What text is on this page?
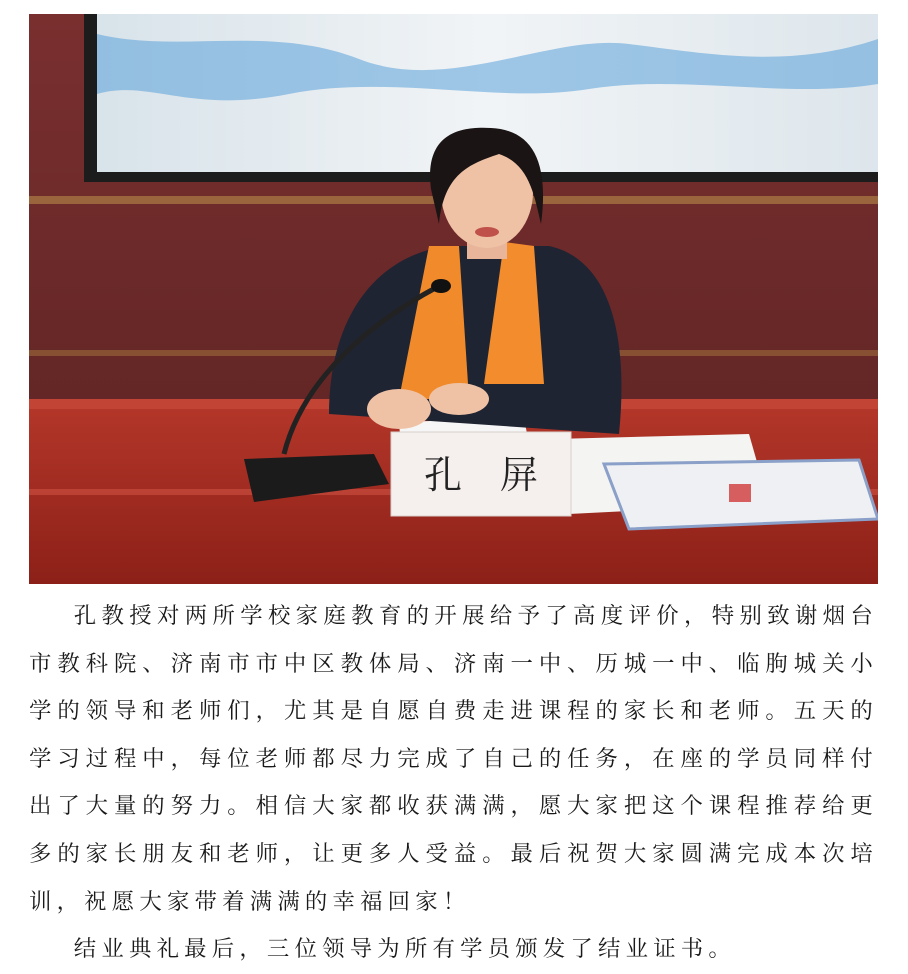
孔　屏

孔教授对两所学校家庭教育的开展给予了高度评价，特别致谢烟台市教科院、济南市市中区教体局、济南一中、历城一中、临朐城关小学的领导和老师们，尤其是自愿自费走进课程的家长和老师。五天的学习过程中，每位老师都尽力完成了自己的任务，在座的学员同样付出了大量的努力。相信大家都收获满满，愿大家把这个课程推荐给更多的家长朋友和老师，让更多人受益。最后祝贺大家圆满完成本次培训，祝愿大家带着满满的幸福回家！

结业典礼最后，三位领导为所有学员颁发了结业证书。
